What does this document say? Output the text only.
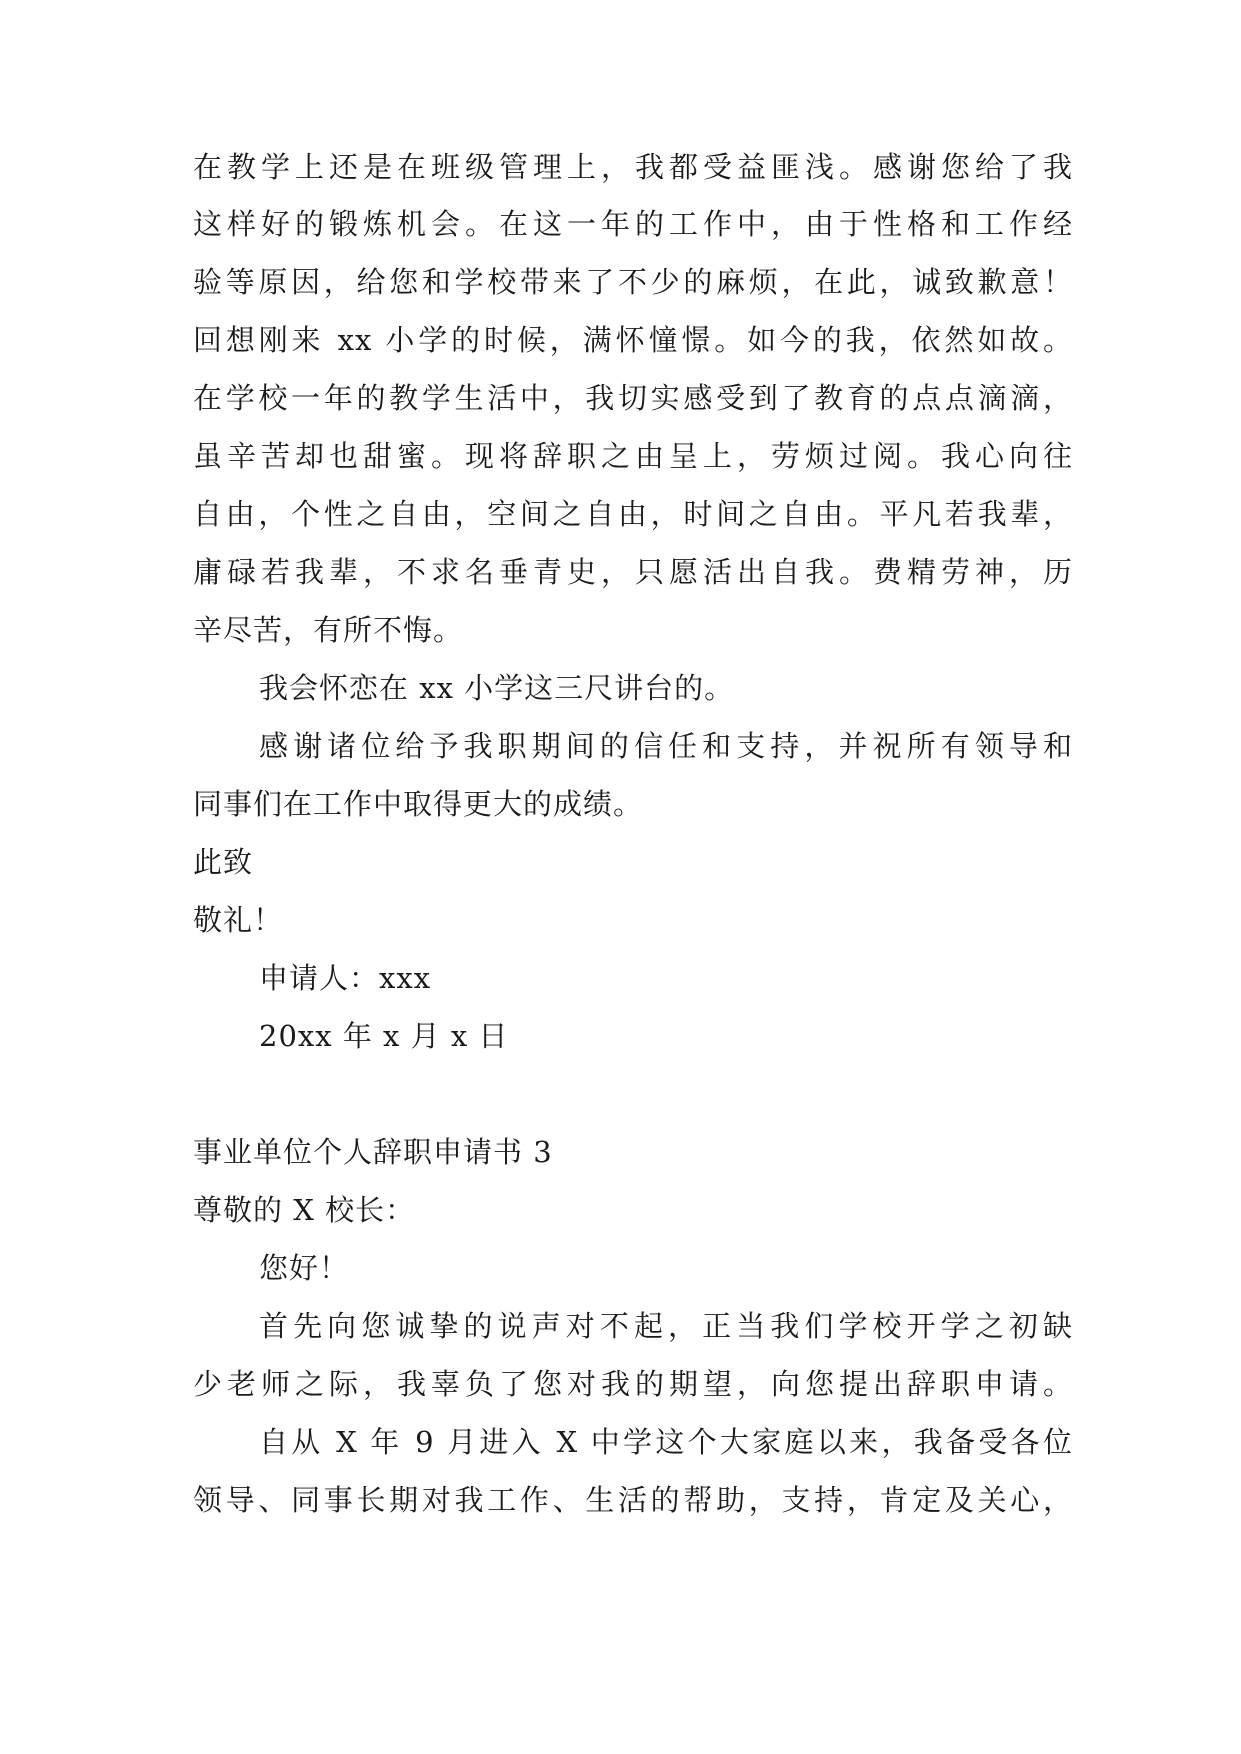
在教学上还是在班级管理上，我都受益匪浅。感谢您给了我
这样好的锻炼机会。在这一年的工作中，由于性格和工作经
验等原因，给您和学校带来了不少的麻烦，在此，诚致歉意！
回想刚来 xx 小学的时候，满怀憧憬。如今的我，依然如故。
在学校一年的教学生活中，我切实感受到了教育的点点滴滴，
虽辛苦却也甜蜜。现将辞职之由呈上，劳烦过阅。我心向往
自由，个性之自由，空间之自由，时间之自由。平凡若我辈，
庸碌若我辈，不求名垂青史，只愿活出自我。费精劳神，历
辛尽苦，有所不悔。
我会怀恋在 xx 小学这三尺讲台的。
感谢诸位给予我职期间的信任和支持，并祝所有领导和
同事们在工作中取得更大的成绩。
此致
敬礼！
申请人：xxx
20xx 年 x 月 x 日
事业单位个人辞职申请书 3
尊敬的 X 校长：
您好！
首先向您诚挚的说声对不起，正当我们学校开学之初缺
少老师之际，我辜负了您对我的期望，向您提出辞职申请。
自从 X 年 9 月进入 X 中学这个大家庭以来，我备受各位
领导、同事长期对我工作、生活的帮助，支持，肯定及关心，
